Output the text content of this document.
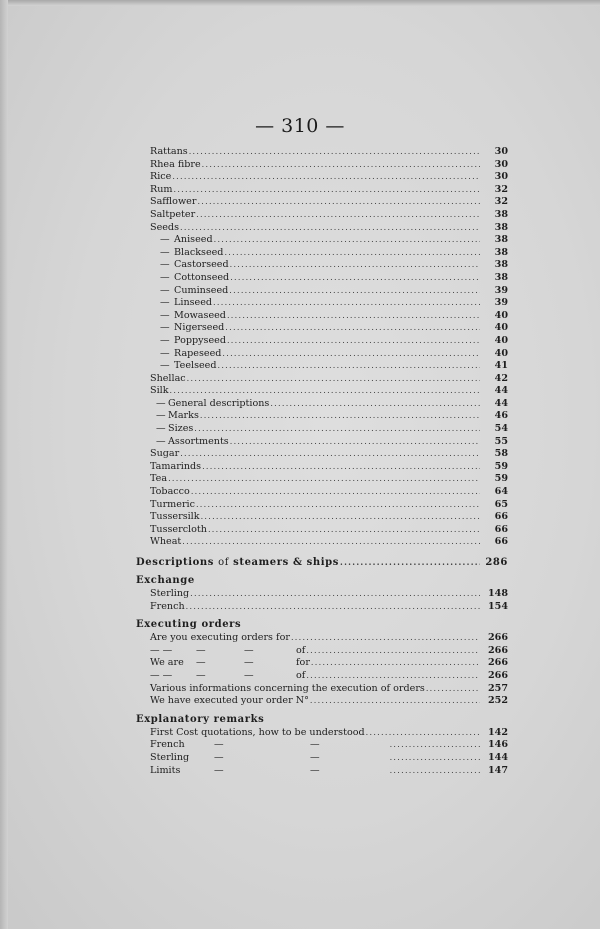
— 310 —
Rattans .....	30
Rhea fibre .....	30
Rice .....	30
Rum .....	32
Safflower .....	32
Saltpeter .....	38
Seeds .....	38
— Aniseed .....	38
— Blackseed .....	38
— Castorseed .....	38
— Cottonseed .....	38
— Cuminseed .....	39
— Linseed .....	39
— Mowaseed .....	40
— Nigerseed .....	40
— Poppyseed .....	40
— Rapeseed .....	40
— Teelseed .....	41
Shellac .....	42
Silk .....	44
— General descriptions .....	44
— Marks .....	46
— Sizes .....	54
— Assortments .....	55
Sugar .....	58
Tamarinds .....	59
Tea .....	59
Tobacco .....	64
Turmeric .....	65
Tussersilk .....	66
Tussercloth .....	66
Wheat .....	66
Descriptions of steamers & ships .....	286
Exchange
Sterling .....	148
French .....	154
Executing orders
Are you executing orders for .....	266
— — —	—	of .....	266
We are —	—	for .....	266
— — —	—	of .....	266
Various informations concerning the execution of orders .....	257
We have executed your order N° .....	252
Explanatory remarks
First Cost quotations, how to be understood .....	142
French	—	— .....	146
Sterling	—	— .....	144
Limits	—	— .....	147
